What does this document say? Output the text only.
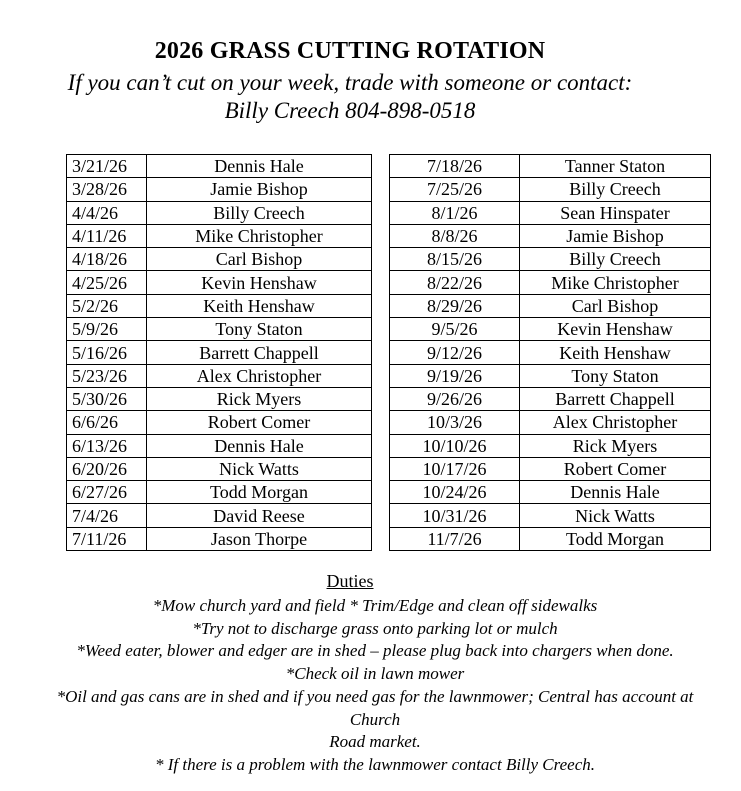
2026 GRASS CUTTING ROTATION
If you can’t cut on your week, trade with someone or contact:
Billy Creech 804-898-0518
3/21/26	Dennis Hale
3/28/26	Jamie Bishop
4/4/26	Billy Creech
4/11/26	Mike Christopher
4/18/26	Carl Bishop
4/25/26	Kevin Henshaw
5/2/26	Keith Henshaw
5/9/26	Tony Staton
5/16/26	Barrett Chappell
5/23/26	Alex Christopher
5/30/26	Rick Myers
6/6/26	Robert Comer
6/13/26	Dennis Hale
6/20/26	Nick Watts
6/27/26	Todd Morgan
7/4/26	David Reese
7/11/26	Jason Thorpe
7/18/26	Tanner Staton
7/25/26	Billy Creech
8/1/26	Sean Hinspater
8/8/26	Jamie Bishop
8/15/26	Billy Creech
8/22/26	Mike Christopher
8/29/26	Carl Bishop
9/5/26	Kevin Henshaw
9/12/26	Keith Henshaw
9/19/26	Tony Staton
9/26/26	Barrett Chappell
10/3/26	Alex Christopher
10/10/26	Rick Myers
10/17/26	Robert Comer
10/24/26	Dennis Hale
10/31/26	Nick Watts
11/7/26	Todd Morgan
Duties
*Mow church yard and field * Trim/Edge and clean off sidewalks
*Try not to discharge grass onto parking lot or mulch
*Weed eater, blower and edger are in shed – please plug back into chargers when done.
*Check oil in lawn mower
*Oil and gas cans are in shed and if you need gas for the lawnmower; Central has account at Church
Road market.
* If there is a problem with the lawnmower contact Billy Creech.
